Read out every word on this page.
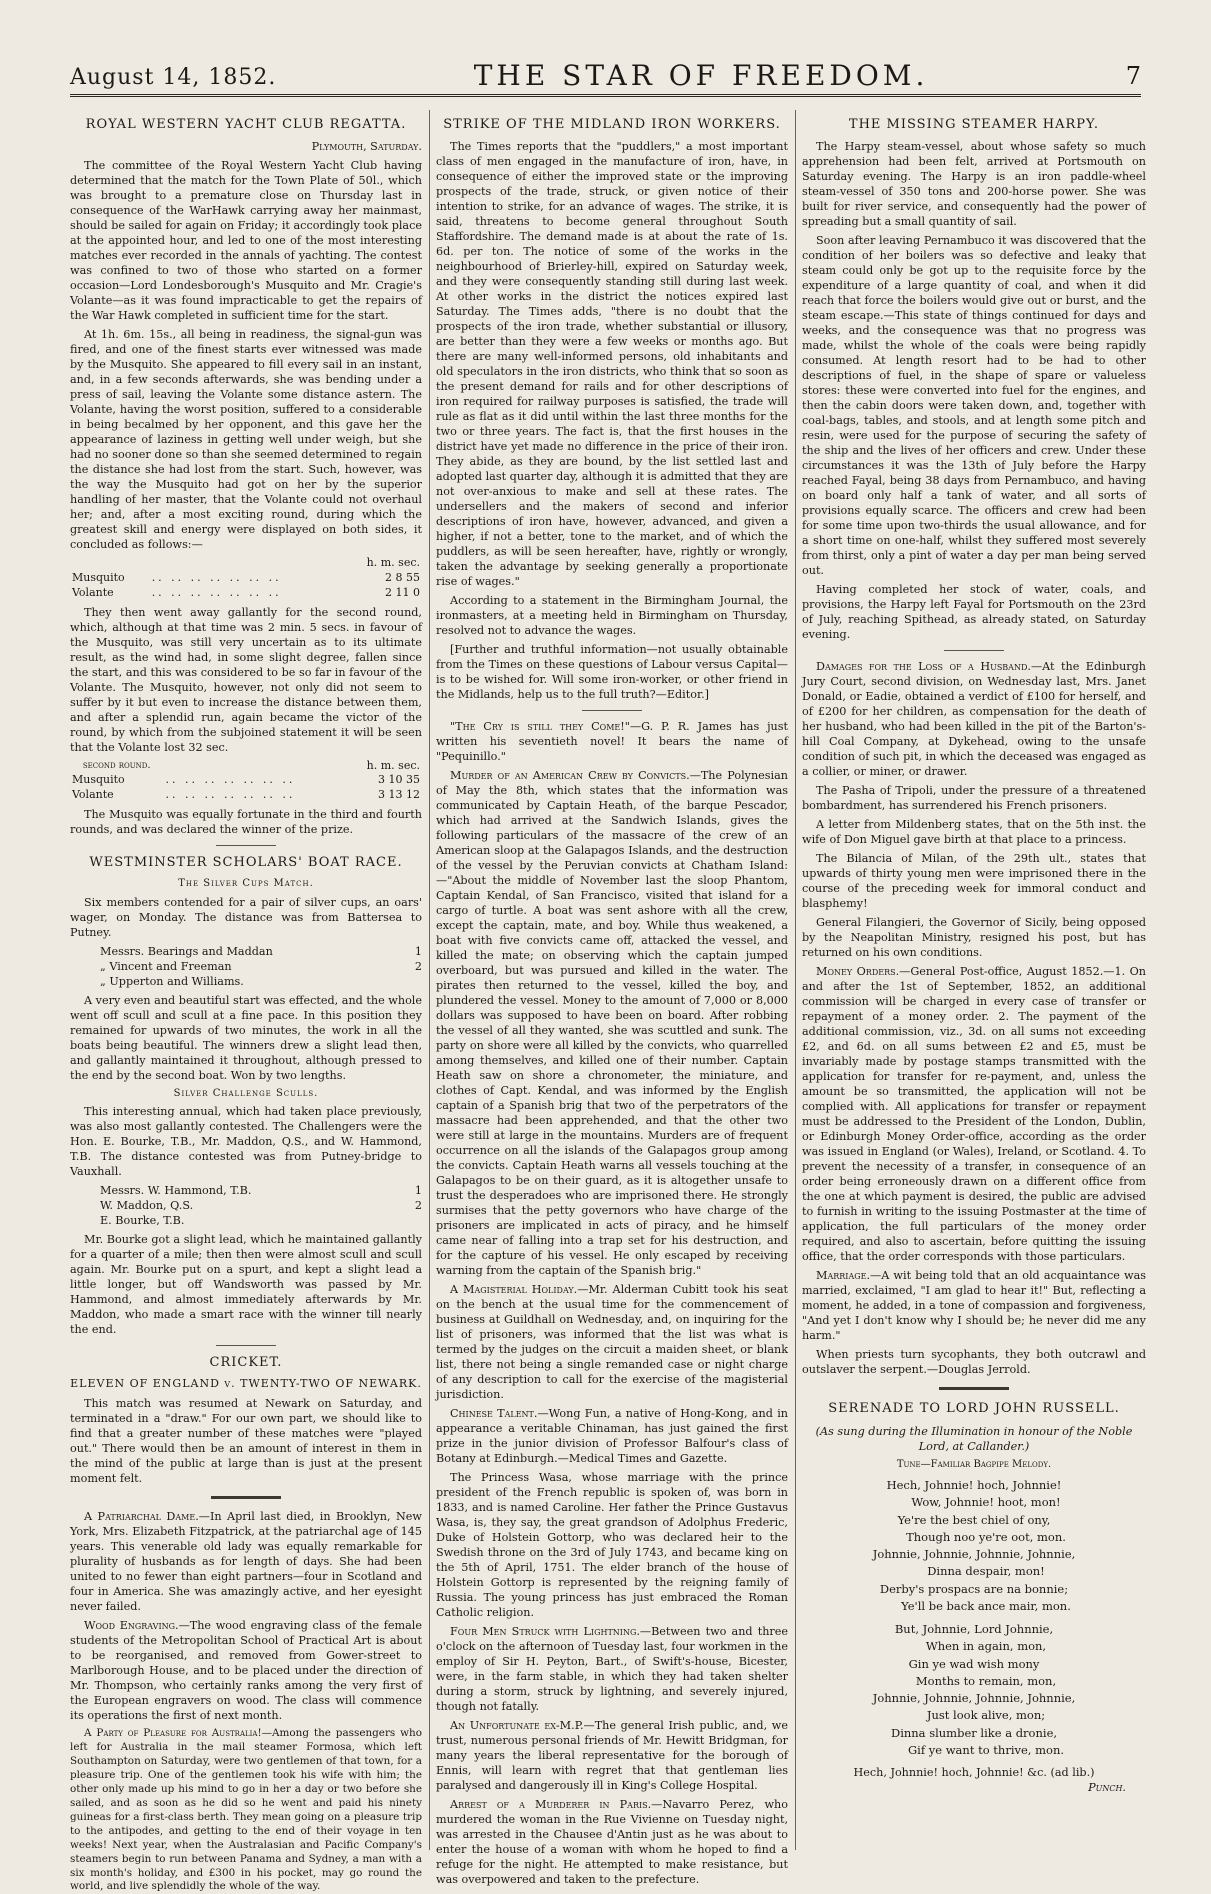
August 14, 1852.	THE STAR OF FREEDOM.	7
ROYAL WESTERN YACHT CLUB REGATTA.
Plymouth, Saturday.

The committee of the Royal Western Yacht Club having determined that the match for the Town Plate of 50l., which was brought to a premature close on Thursday last in consequence of the WarHawk carrying away her mainmast, should be sailed for again on Friday; it accordingly took place at the appointed hour, and led to one of the most interesting matches ever recorded in the annals of yachting. The contest was confined to two of those who started on a former occasion—Lord Londesborough's Musquito and Mr. Cragie's Volante—as it was found impracticable to get the repairs of the War Hawk completed in sufficient time for the start.

At 1h. 6m. 15s., all being in readiness, the signal-gun was fired, and one of the finest starts ever witnessed was made by the Musquito. She appeared to fill every sail in an instant, and, in a few seconds afterwards, she was bending under a press of sail, leaving the Volante some distance astern. The Volante, having the worst position, suffered to a considerable in being becalmed by her opponent, and this gave her the appearance of laziness in getting well under weigh, but she had no sooner done so than she seemed determined to regain the distance she had lost from the start. Such, however, was the way the Musquito had got on her by the superior handling of her master, that the Volante could not overhaul her; and, after a most exciting round, during which the greatest skill and energy were displayed on both sides, it concluded as follows:—

		h. m. sec.
Musquito	.. .. .. .. .. .. ..	2 8 55
Volante	.. .. .. .. .. .. ..	2 11 0

They then went away gallantly for the second round, which, although at that time was 2 min. 5 secs. in favour of the Musquito, was still very uncertain as to its ultimate result, as the wind had, in some slight degree, fallen since the start, and this was considered to be so far in favour of the Volante. The Musquito, however, not only did not seem to suffer by it but even to increase the distance between them, and after a splendid run, again became the victor of the round, by which from the subjoined statement it will be seen that the Volante lost 32 sec.

second round.		h. m. sec.
Musquito	.. .. .. .. .. .. ..	3 10 35
Volante	.. .. .. .. .. .. ..	3 13 12

The Musquito was equally fortunate in the third and fourth rounds, and was declared the winner of the prize.

WESTMINSTER SCHOLARS' BOAT RACE.
The Silver Cups Match.

Six members contended for a pair of silver cups, an oars' wager, on Monday. The distance was from Battersea to Putney.

Messrs. Bearings and Maddan	1
„ Vincent and Freeman	2
„ Upperton and Williams.

A very even and beautiful start was effected, and the whole went off scull and scull at a fine pace. In this position they remained for upwards of two minutes, the work in all the boats being beautiful. The winners drew a slight lead then, and gallantly maintained it throughout, although pressed to the end by the second boat. Won by two lengths.

Silver Challenge Sculls.

This interesting annual, which had taken place previously, was also most gallantly contested. The Challengers were the Hon. E. Bourke, T.B., Mr. Maddon, Q.S., and W. Hammond, T.B. The distance contested was from Putney-bridge to Vauxhall.

Messrs. W. Hammond, T.B.	1
W. Maddon, Q.S.	2
E. Bourke, T.B.

Mr. Bourke got a slight lead, which he maintained gallantly for a quarter of a mile; then then were almost scull and scull again. Mr. Bourke put on a spurt, and kept a slight lead a little longer, but off Wandsworth was passed by Mr. Hammond, and almost immediately afterwards by Mr. Maddon, who made a smart race with the winner till nearly the end.

CRICKET.
ELEVEN OF ENGLAND v. TWENTY-TWO OF NEWARK.

This match was resumed at Newark on Saturday, and terminated in a "draw." For our own part, we should like to find that a greater number of these matches were "played out." There would then be an amount of interest in them in the mind of the public at large than is just at the present moment felt.

A Patriarchal Dame.—In April last died, in Brooklyn, New York, Mrs. Elizabeth Fitzpatrick, at the patriarchal age of 145 years. This venerable old lady was equally remarkable for plurality of husbands as for length of days. She had been united to no fewer than eight partners—four in Scotland and four in America. She was amazingly active, and her eyesight never failed.

Wood Engraving.—The wood engraving class of the female students of the Metropolitan School of Practical Art is about to be reorganised, and removed from Gower-street to Marlborough House, and to be placed under the direction of Mr. Thompson, who certainly ranks among the very first of the European engravers on wood. The class will commence its operations the first of next month.

A Party of Pleasure for Australia!—Among the passengers who left for Australia in the mail steamer Formosa, which left Southampton on Saturday, were two gentlemen of that town, for a pleasure trip. One of the gentlemen took his wife with him; the other only made up his mind to go in her a day or two before she sailed, and as soon as he did so he went and paid his ninety guineas for a first-class berth. They mean going on a pleasure trip to the antipodes, and getting to the end of their voyage in ten weeks! Next year, when the Australasian and Pacific Company's steamers begin to run between Panama and Sydney, a man with a six month's holiday, and £300 in his pocket, may go round the world, and live splendidly the whole of the way.

STRIKE OF THE MIDLAND IRON WORKERS.

The Times reports that the "puddlers," a most important class of men engaged in the manufacture of iron, have, in consequence of either the improved state or the improving prospects of the trade, struck, or given notice of their intention to strike, for an advance of wages. The strike, it is said, threatens to become general throughout South Staffordshire. The demand made is at about the rate of 1s. 6d. per ton. The notice of some of the works in the neighbourhood of Brierley-hill, expired on Saturday week, and they were consequently standing still during last week. At other works in the district the notices expired last Saturday. The Times adds, "there is no doubt that the prospects of the iron trade, whether substantial or illusory, are better than they were a few weeks or months ago. But there are many well-informed persons, old inhabitants and old speculators in the iron districts, who think that so soon as the present demand for rails and for other descriptions of iron required for railway purposes is satisfied, the trade will rule as flat as it did until within the last three months for the two or three years. The fact is, that the first houses in the district have yet made no difference in the price of their iron. They abide, as they are bound, by the list settled last and adopted last quarter day, although it is admitted that they are not over-anxious to make and sell at these rates. The undersellers and the makers of second and inferior descriptions of iron have, however, advanced, and given a higher, if not a better, tone to the market, and of which the puddlers, as will be seen hereafter, have, rightly or wrongly, taken the advantage by seeking generally a proportionate rise of wages."

According to a statement in the Birmingham Journal, the ironmasters, at a meeting held in Birmingham on Thursday, resolved not to advance the wages.

[Further and truthful information—not usually obtainable from the Times on these questions of Labour versus Capital—is to be wished for. Will some iron-worker, or other friend in the Midlands, help us to the full truth?—Editor.]

"The Cry is still they Come!"—G. P. R. James has just written his seventieth novel! It bears the name of "Pequinillo."

Murder of an American Crew by Convicts.—The Polynesian of May the 8th, which states that the information was communicated by Captain Heath, of the barque Pescador, which had arrived at the Sandwich Islands, gives the following particulars of the massacre of the crew of an American sloop at the Galapagos Islands, and the destruction of the vessel by the Peruvian convicts at Chatham Island:—"About the middle of November last the sloop Phantom, Captain Kendal, of San Francisco, visited that island for a cargo of turtle. A boat was sent ashore with all the crew, except the captain, mate, and boy. While thus weakened, a boat with five convicts came off, attacked the vessel, and killed the mate; on observing which the captain jumped overboard, but was pursued and killed in the water. The pirates then returned to the vessel, killed the boy, and plundered the vessel. Money to the amount of 7,000 or 8,000 dollars was supposed to have been on board. After robbing the vessel of all they wanted, she was scuttled and sunk. The party on shore were all killed by the convicts, who quarrelled among themselves, and killed one of their number. Captain Heath saw on shore a chronometer, the miniature, and clothes of Capt. Kendal, and was informed by the English captain of a Spanish brig that two of the perpetrators of the massacre had been apprehended, and that the other two were still at large in the mountains. Murders are of frequent occurrence on all the islands of the Galapagos group among the convicts. Captain Heath warns all vessels touching at the Galapagos to be on their guard, as it is altogether unsafe to trust the desperadoes who are imprisoned there. He strongly surmises that the petty governors who have charge of the prisoners are implicated in acts of piracy, and he himself came near of falling into a trap set for his destruction, and for the capture of his vessel. He only escaped by receiving warning from the captain of the Spanish brig."

A Magisterial Holiday.—Mr. Alderman Cubitt took his seat on the bench at the usual time for the commencement of business at Guildhall on Wednesday, and, on inquiring for the list of prisoners, was informed that the list was what is termed by the judges on the circuit a maiden sheet, or blank list, there not being a single remanded case or night charge of any description to call for the exercise of the magisterial jurisdiction.

Chinese Talent.—Wong Fun, a native of Hong-Kong, and in appearance a veritable Chinaman, has just gained the first prize in the junior division of Professor Balfour's class of Botany at Edinburgh.—Medical Times and Gazette.

The Princess Wasa, whose marriage with the prince president of the French republic is spoken of, was born in 1833, and is named Caroline. Her father the Prince Gustavus Wasa, is, they say, the great grandson of Adolphus Frederic, Duke of Holstein Gottorp, who was declared heir to the Swedish throne on the 3rd of July 1743, and became king on the 5th of April, 1751. The elder branch of the house of Holstein Gottorp is represented by the reigning family of Russia. The young princess has just embraced the Roman Catholic religion.

Four Men Struck with Lightning.—Between two and three o'clock on the afternoon of Tuesday last, four workmen in the employ of Sir H. Peyton, Bart., of Swift's-house, Bicester, were, in the farm stable, in which they had taken shelter during a storm, struck by lightning, and severely injured, though not fatally.

An Unfortunate ex-M.P.—The general Irish public, and, we trust, numerous personal friends of Mr. Hewitt Bridgman, for many years the liberal representative for the borough of Ennis, will learn with regret that that gentleman lies paralysed and dangerously ill in King's College Hospital.

Arrest of a Murderer in Paris.—Navarro Perez, who murdered the woman in the Rue Vivienne on Tuesday night, was arrested in the Chausee d'Antin just as he was about to enter the house of a woman with whom he hoped to find a refuge for the night. He attempted to make resistance, but was overpowered and taken to the prefecture.

THE MISSING STEAMER HARPY.

The Harpy steam-vessel, about whose safety so much apprehension had been felt, arrived at Portsmouth on Saturday evening. The Harpy is an iron paddle-wheel steam-vessel of 350 tons and 200-horse power. She was built for river service, and consequently had the power of spreading but a small quantity of sail.

Soon after leaving Pernambuco it was discovered that the condition of her boilers was so defective and leaky that steam could only be got up to the requisite force by the expenditure of a large quantity of coal, and when it did reach that force the boilers would give out or burst, and the steam escape.—This state of things continued for days and weeks, and the consequence was that no progress was made, whilst the whole of the coals were being rapidly consumed. At length resort had to be had to other descriptions of fuel, in the shape of spare or valueless stores: these were converted into fuel for the engines, and then the cabin doors were taken down, and, together with coal-bags, tables, and stools, and at length some pitch and resin, were used for the purpose of securing the safety of the ship and the lives of her officers and crew. Under these circumstances it was the 13th of July before the Harpy reached Fayal, being 38 days from Pernambuco, and having on board only half a tank of water, and all sorts of provisions equally scarce. The officers and crew had been for some time upon two-thirds the usual allowance, and for a short time on one-half, whilst they suffered most severely from thirst, only a pint of water a day per man being served out.

Having completed her stock of water, coals, and provisions, the Harpy left Fayal for Portsmouth on the 23rd of July, reaching Spithead, as already stated, on Saturday evening.

Damages for the Loss of a Husband.—At the Edinburgh Jury Court, second division, on Wednesday last, Mrs. Janet Donald, or Eadie, obtained a verdict of £100 for herself, and of £200 for her children, as compensation for the death of her husband, who had been killed in the pit of the Barton's-hill Coal Company, at Dykehead, owing to the unsafe condition of such pit, in which the deceased was engaged as a collier, or miner, or drawer.

The Pasha of Tripoli, under the pressure of a threatened bombardment, has surrendered his French prisoners.

A letter from Mildenberg states, that on the 5th inst. the wife of Don Miguel gave birth at that place to a princess.

The Bilancia of Milan, of the 29th ult., states that upwards of thirty young men were imprisoned there in the course of the preceding week for immoral conduct and blasphemy!

General Filangieri, the Governor of Sicily, being opposed by the Neapolitan Ministry, resigned his post, but has returned on his own conditions.

Money Orders.—General Post-office, August 1852.—1. On and after the 1st of September, 1852, an additional commission will be charged in every case of transfer or repayment of a money order. 2. The payment of the additional commission, viz., 3d. on all sums not exceeding £2, and 6d. on all sums between £2 and £5, must be invariably made by postage stamps transmitted with the application for transfer for re-payment, and, unless the amount be so transmitted, the application will not be complied with. All applications for transfer or repayment must be addressed to the President of the London, Dublin, or Edinburgh Money Order-office, according as the order was issued in England (or Wales), Ireland, or Scotland. 4. To prevent the necessity of a transfer, in consequence of an order being erroneously drawn on a different office from the one at which payment is desired, the public are advised to furnish in writing to the issuing Postmaster at the time of application, the full particulars of the money order required, and also to ascertain, before quitting the issuing office, that the order corresponds with those particulars.

Marriage.—A wit being told that an old acquaintance was married, exclaimed, "I am glad to hear it!" But, reflecting a moment, he added, in a tone of compassion and forgiveness, "And yet I don't know why I should be; he never did me any harm."

When priests turn sycophants, they both outcrawl and outslaver the serpent.—Douglas Jerrold.

SERENADE TO LORD JOHN RUSSELL.
(As sung during the Illumination in honour of the Noble Lord, at Callander.)
Tune—Familiar Bagpipe Melody.
Hech, Johnnie! hoch, Johnnie!
Wow, Johnnie! hoot, mon!
Ye're the best chiel of ony,
Though noo ye're oot, mon.
Johnnie, Johnnie, Johnnie, Johnnie,
Dinna despair, mon!
Derby's prospacs are na bonnie;
Ye'll be back ance mair, mon.
But, Johnnie, Lord Johnnie,
When in again, mon,
Gin ye wad wish mony
Months to remain, mon,
Johnnie, Johnnie, Johnnie, Johnnie,
Just look alive, mon;
Dinna slumber like a dronie,
Gif ye want to thrive, mon.
Hech, Johnnie! hoch, Johnnie! &c. (ad lib.)
Punch.
